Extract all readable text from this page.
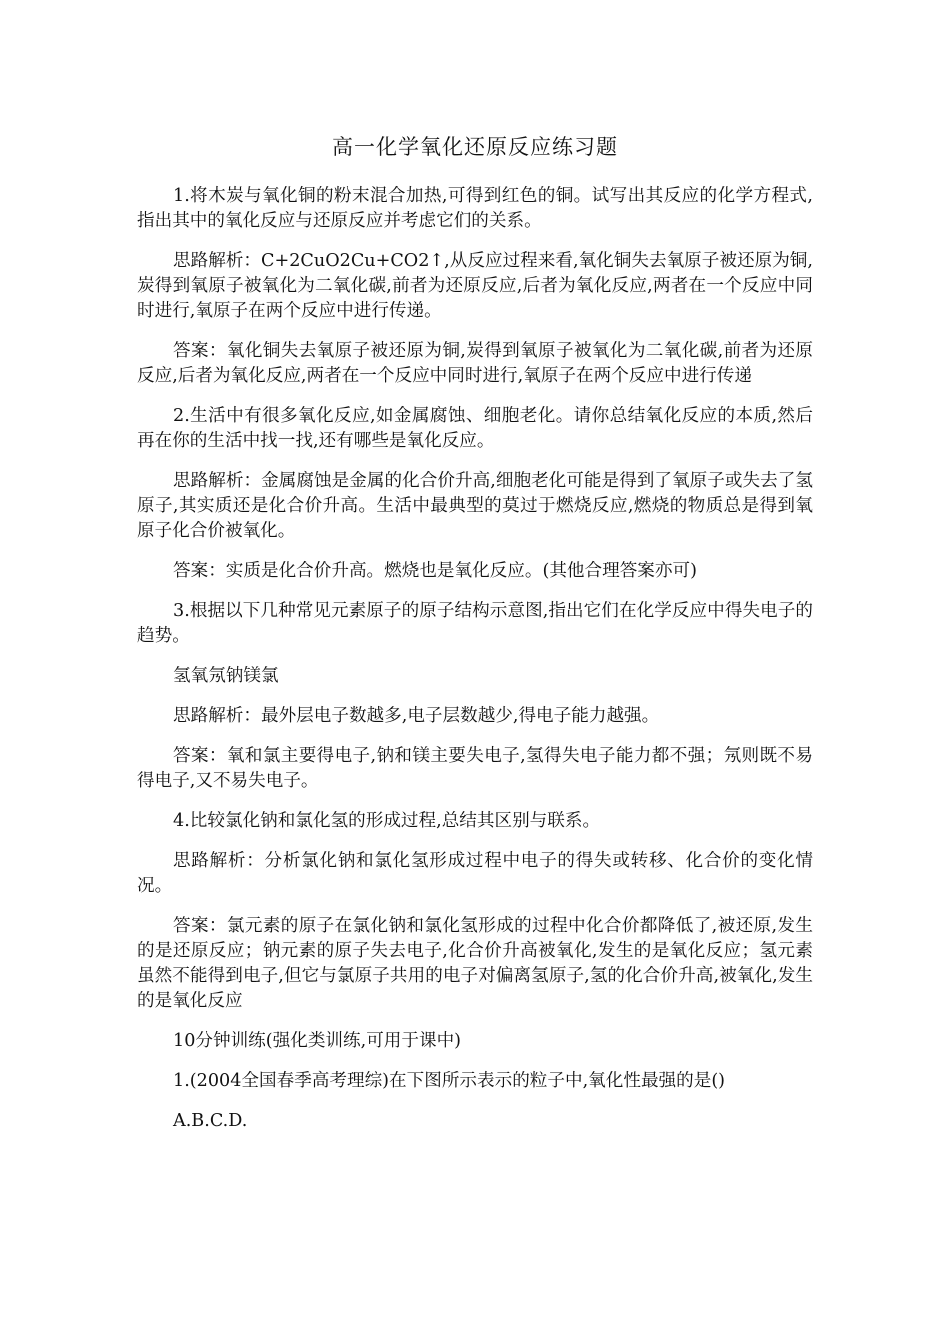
高一化学氧化还原反应练习题

1.将木炭与氧化铜的粉末混合加热,可得到红色的铜。试写出其反应的化学方程式,指出其中的氧化反应与还原反应并考虑它们的关系。

思路解析：C+2CuO2Cu+CO2↑,从反应过程来看,氧化铜失去氧原子被还原为铜,炭得到氧原子被氧化为二氧化碳,前者为还原反应,后者为氧化反应,两者在一个反应中同时进行,氧原子在两个反应中进行传递。

答案：氧化铜失去氧原子被还原为铜,炭得到氧原子被氧化为二氧化碳,前者为还原反应,后者为氧化反应,两者在一个反应中同时进行,氧原子在两个反应中进行传递

2.生活中有很多氧化反应,如金属腐蚀、细胞老化。请你总结氧化反应的本质,然后再在你的生活中找一找,还有哪些是氧化反应。

思路解析：金属腐蚀是金属的化合价升高,细胞老化可能是得到了氧原子或失去了氢原子,其实质还是化合价升高。生活中最典型的莫过于燃烧反应,燃烧的物质总是得到氧原子化合价被氧化。

答案：实质是化合价升高。燃烧也是氧化反应。(其他合理答案亦可)

3.根据以下几种常见元素原子的原子结构示意图,指出它们在化学反应中得失电子的趋势。

氢氧氖钠镁氯

思路解析：最外层电子数越多,电子层数越少,得电子能力越强。

答案：氧和氯主要得电子,钠和镁主要失电子,氢得失电子能力都不强；氖则既不易得电子,又不易失电子。

4.比较氯化钠和氯化氢的形成过程,总结其区别与联系。

思路解析：分析氯化钠和氯化氢形成过程中电子的得失或转移、化合价的变化情况。

答案：氯元素的原子在氯化钠和氯化氢形成的过程中化合价都降低了,被还原,发生的是还原反应；钠元素的原子失去电子,化合价升高被氧化,发生的是氧化反应；氢元素虽然不能得到电子,但它与氯原子共用的电子对偏离氢原子,氢的化合价升高,被氧化,发生的是氧化反应

10分钟训练(强化类训练,可用于课中)

1.(2004全国春季高考理综)在下图所示表示的粒子中,氧化性最强的是()

A.B.C.D.
